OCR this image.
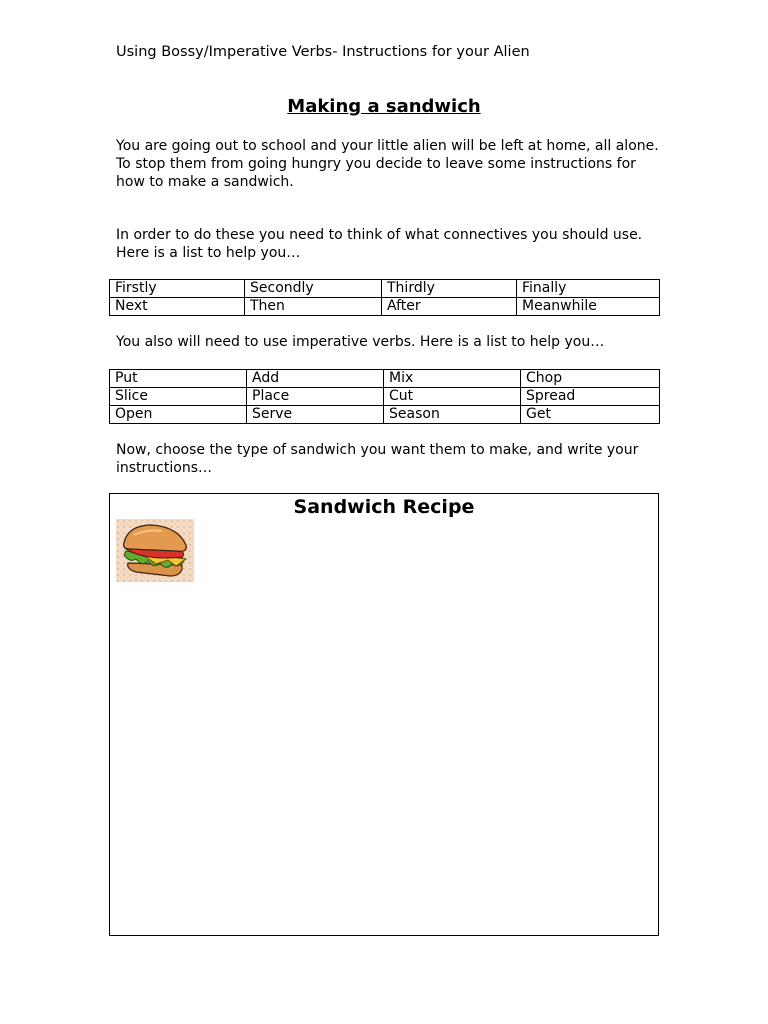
Using Bossy/Imperative Verbs- Instructions for your Alien
Making a sandwich

You are going out to school and your little alien will be left at home, all alone.

To stop them from going hungry you decide to leave some instructions for

how to make a sandwich.

In order to do these you need to think of what connectives you should use.

Here is a list to help you…

Firstly	Secondly	Thirdly	Finally
Next	Then	After	Meanwhile

You also will need to use imperative verbs. Here is a list to help you…

Put	Add	Mix	Chop
Slice	Place	Cut	Spread
Open	Serve	Season	Get

Now, choose the type of sandwich you want them to make, and write your

instructions…

Sandwich Recipe
